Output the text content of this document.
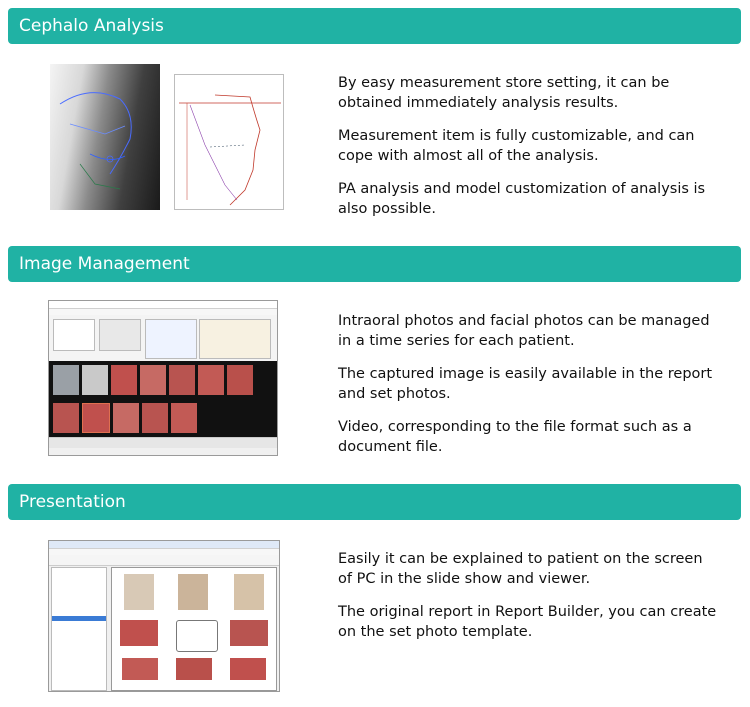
Cephalo Analysis

By easy measurement store setting, it can be obtained immediately analysis results.

Measurement item is fully customizable, and can cope with almost all of the analysis.

PA analysis and model customization of analysis is also possible.

Image Management

Intraoral photos and facial photos can be managed in a time series for each patient.

The captured image is easily available in the report and set photos.

Video, corresponding to the file format such as a document file.

Presentation

Easily it can be explained to patient on the screen of PC in the slide show and viewer.

The original report in Report Builder, you can create on the set photo template.
